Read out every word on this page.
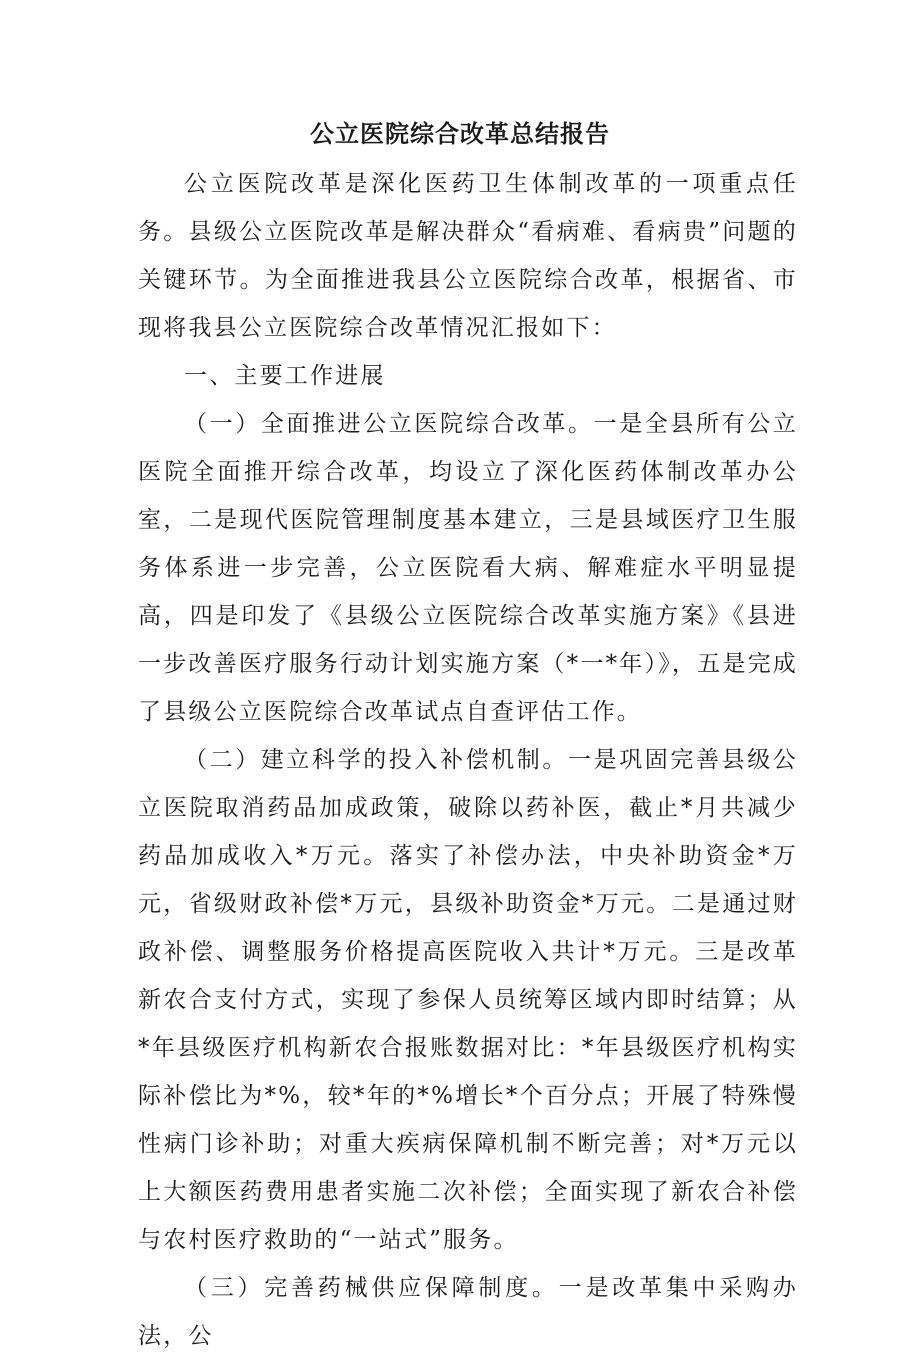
公立医院综合改革总结报告

公立医院改革是深化医药卫生体制改革的一项重点任务。县级公立医院改革是解决群众“看病难、看病贵”问题的关键环节。为全面推进我县公立医院综合改革，根据省、市现将我县公立医院综合改革情况汇报如下：

一、主要工作进展

（一）全面推进公立医院综合改革。一是全县所有公立医院全面推开综合改革，均设立了深化医药体制改革办公室，二是现代医院管理制度基本建立，三是县域医疗卫生服务体系进一步完善，公立医院看大病、解难症水平明显提高，四是印发了《县级公立医院综合改革实施方案》《县进一步改善医疗服务行动计划实施方案（*一*年）》，五是完成了县级公立医院综合改革试点自查评估工作。

（二）建立科学的投入补偿机制。一是巩固完善县级公立医院取消药品加成政策，破除以药补医，截止*月共减少药品加成收入*万元。落实了补偿办法，中央补助资金*万元，省级财政补偿*万元，县级补助资金*万元。二是通过财政补偿、调整服务价格提高医院收入共计*万元。三是改革新农合支付方式，实现了参保人员统筹区域内即时结算；从*年县级医疗机构新农合报账数据对比：*年县级医疗机构实际补偿比为*%，较*年的*%增长*个百分点；开展了特殊慢性病门诊补助；对重大疾病保障机制不断完善；对*万元以上大额医药费用患者实施二次补偿；全面实现了新农合补偿与农村医疗救助的“一站式”服务。

（三）完善药械供应保障制度。一是改革集中采购办法，公
